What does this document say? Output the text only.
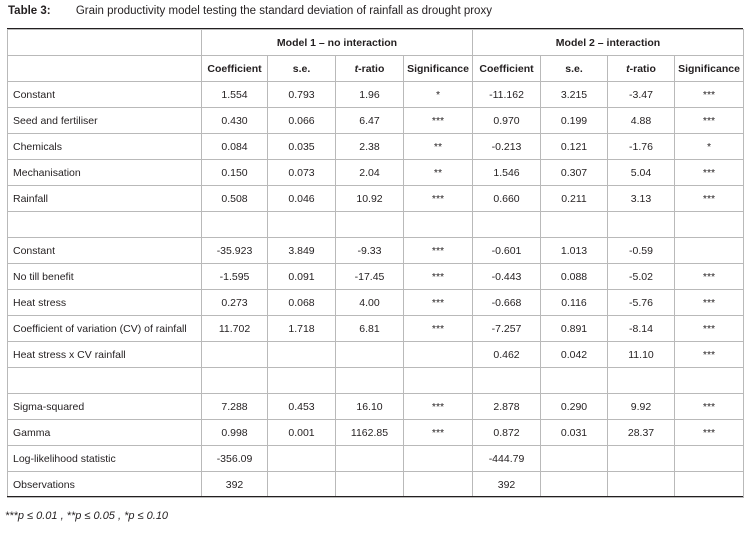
Table 3: Grain productivity model testing the standard deviation of rainfall as drought proxy
	Model 1 – no interaction				Model 2 – interaction			
	Coefficient	s.e.	t-ratio	Significance	Coefficient	s.e.	t-ratio	Significance
Constant	1.554	0.793	1.96	*	-11.162	3.215	-3.47	***
Seed and fertiliser	0.430	0.066	6.47	***	0.970	0.199	4.88	***
Chemicals	0.084	0.035	2.38	**	-0.213	0.121	-1.76	*
Mechanisation	0.150	0.073	2.04	**	1.546	0.307	5.04	***
Rainfall	0.508	0.046	10.92	***	0.660	0.211	3.13	***

Constant	-35.923	3.849	-9.33	***	-0.601	1.013	-0.59	
No till benefit	-1.595	0.091	-17.45	***	-0.443	0.088	-5.02	***
Heat stress	0.273	0.068	4.00	***	-0.668	0.116	-5.76	***
Coefficient of variation (CV) of rainfall	11.702	1.718	6.81	***	-7.257	0.891	-8.14	***
Heat stress x CV rainfall					0.462	0.042	11.10	***

Sigma-squared	7.288	0.453	16.10	***	2.878	0.290	9.92	***
Gamma	0.998	0.001	1162.85	***	0.872	0.031	28.37	***
Log-likelihood statistic	-356.09				-444.79			
Observations	392				392			
***p ≤ 0.01 , **p ≤ 0.05 , *p ≤ 0.10
